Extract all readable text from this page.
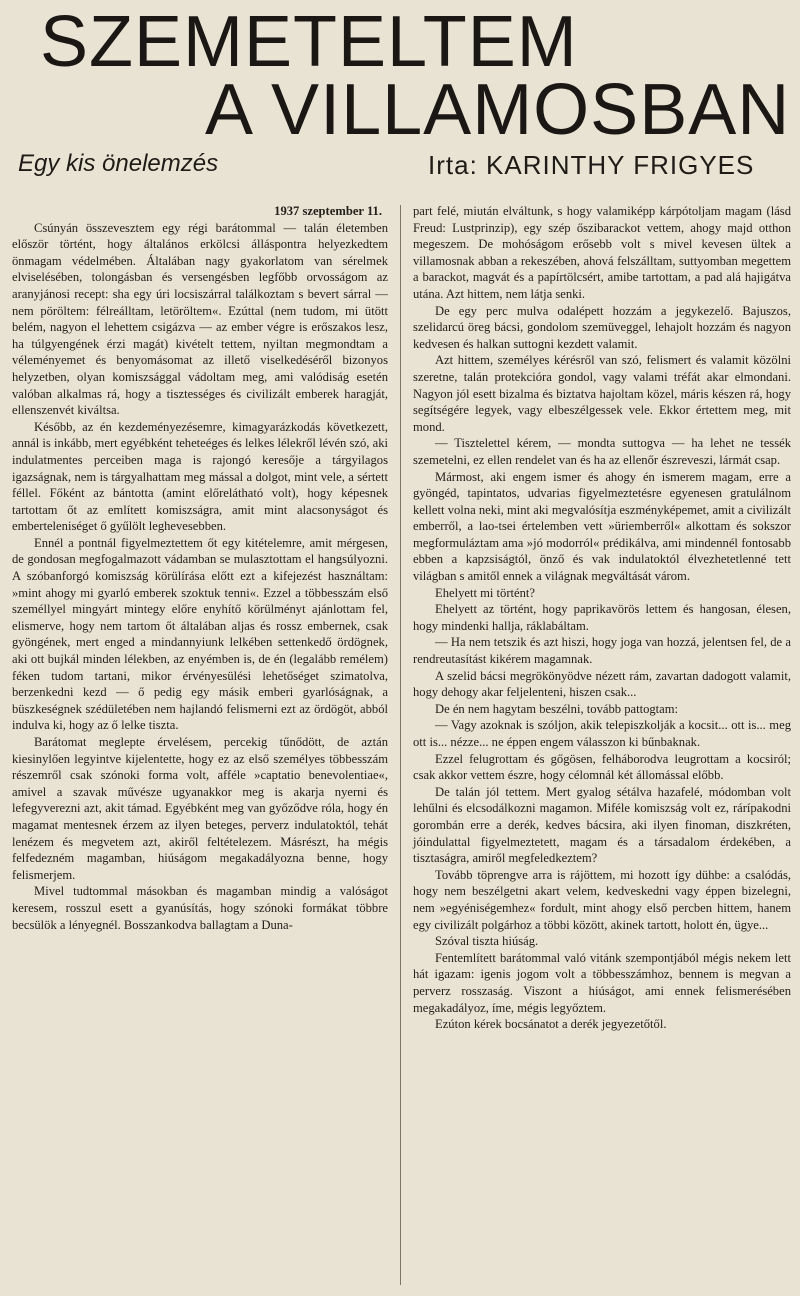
SZEMETELTEM
A VILLAMOSBAN
Egy kis önelemzés	Irta: KARINTHY FRIGYES

1937 szeptember 11.

Csúnyán összevesztem egy régi barátommal — talán életemben először történt, hogy általános erkölcsi álláspontra helyezkedtem önmagam védelmében. Általában nagy gyakorlatom van sérelmek elviselésében, tolongásban és versengésben legfőbb orvosságom az aranyjánosi recept: sha egy úri locsiszárral találkoztam s bevert sárral — nem pöröltem: félreálltam, letöröltem«. Ezúttal (nem tudom, mi ütött belém, nagyon el lehettem csigázva — az ember végre is erőszakos lesz, ha túlgyengének érzi magát) kivételt tettem, nyiltan megmondtam a véleményemet és benyomásomat az illető viselkedéséről bizonyos helyzetben, olyan komiszsággal vádoltam meg, ami valódiság esetén valóban alkalmas rá, hogy a tisztességes és civilizált emberek haragját, ellenszenvét kiváltsa.

Később, az én kezdeményezésemre, kimagyarázkodás következett, annál is inkább, mert egyébként teheteéges és lelkes lélekről lévén szó, aki indulatmentes perceiben maga is rajongó keresője a tárgyilagos igazságnak, nem is tárgyalhattam meg mással a dolgot, mint vele, a sértett féllel. Főként az bántotta (amint előrelátható volt), hogy képesnek tartottam őt az említett komiszságra, amit mint alacsonyságot és emberteleniséget ő gyűlölt leghevesebben.

Ennél a pontnál figyelmeztettem őt egy kitételemre, amit mérgesen, de gondosan megfogalmazott vádamban se mulasztottam el hangsúlyozni. A szóbanforgó komiszság körülírása előtt ezt a kifejezést használtam: »mint ahogy mi gyarló emberek szoktuk tenni«. Ezzel a többesszám első személlyel mingyárt mintegy előre enyhítő körülményt ajánlottam fel, elismerve, hogy nem tartom őt általában aljas és rossz embernek, csak gyöngének, mert enged a mindannyiunk lelkében settenkedő ördögnek, aki ott bujkál minden lélekben, az enyémben is, de én (legalább remélem) féken tudom tartani, mikor érvényesülési lehetőséget szimatolva, berzenkedni kezd — ő pedig egy másik emberi gyarlóságnak, a büszkeségnek szédületében nem hajlandó felismerni ezt az ördögöt, abból indulva ki, hogy az ő lelke tiszta.

Barátomat meglepte érvelésem, percekig tűnődött, de aztán kiesinylően legyintve kijelentette, hogy ez az első személyes többesszám részemről csak szónoki forma volt, afféle »captatio benevolentiae«, amivel a szavak művésze ugyanakkor meg is akarja nyerni és lefegyverezni azt, akit támad. Egyébként meg van győződve róla, hogy én magamat mentesnek érzem az ilyen beteges, perverz indulatoktól, tehát lenézem és megvetem azt, akiről feltételezem. Másrészt, ha mégis felfedezném magamban, hiúságom megakadályozna benne, hogy felismerjem.

Mivel tudtommal másokban és magamban mindig a valóságot keresem, rosszul esett a gyanúsítás, hogy szónoki formákat többre becsülök a lényegnél. Bosszankodva ballagtam a Duna-

part felé, miután elváltunk, s hogy valamiképp kárpótoljam magam (lásd Freud: Lustprinzip), egy szép őszibarackot vettem, ahogy majd otthon megeszem. De mohóságom erősebb volt s mivel kevesen ültek a villamosnak abban a rekeszében, ahová felszálltam, suttyomban megettem a barackot, magvát és a papírtölcsért, amibe tartottam, a pad alá hajigátva utána. Azt hittem, nem látja senki.

De egy perc mulva odalépett hozzám a jegykezelő. Bajuszos, szelidarcú öreg bácsi, gondolom szemüveggel, lehajolt hozzám és nagyon kedvesen és halkan suttogni kezdett valamit.

Azt hittem, személyes kérésről van szó, felismert és valamit közölni szeretne, talán protekcióra gondol, vagy valami tréfát akar elmondani. Nagyon jól esett bizalma és biztatva hajoltam közel, máris készen rá, hogy segítségére legyek, vagy elbeszélgessek vele. Ekkor értettem meg, mit mond.

— Tisztelettel kérem, — mondta suttogva — ha lehet ne tessék szemetelni, ez ellen rendelet van és ha az ellenőr észreveszi, lármát csap.

Mármost, aki engem ismer és ahogy én ismerem magam, erre a gyöngéd, tapintatos, udvarias figyelmeztetésre egyenesen gratulálnom kellett volna neki, mint aki megvalósítja eszményképemet, amit a civilizált emberről, a lao-tsei értelemben vett »üriemberről« alkottam és sokszor megformuláztam ama »jó modorról« prédikálva, ami mindennél fontosabb ebben a kapzsiságtól, önző és vak indulatoktól élvezhetetlenné tett világban s amitől ennek a világnak megváltását várom.

Ehelyett mi történt?

Ehelyett az történt, hogy paprikavörös lettem és hangosan, élesen, hogy mindenki hallja, ráklabáltam.

— Ha nem tetszik és azt hiszi, hogy joga van hozzá, jelentsen fel, de a rendreutasítást kikérem magamnak.

A szelid bácsi megrökönyödve nézett rám, zavartan dadogott valamit, hogy dehogy akar feljelenteni, hiszen csak...

De én nem hagytam beszélni, tovább pattogtam:

— Vagy azoknak is szóljon, akik telepiszkolják a kocsit... ott is... meg ott is... nézze... ne éppen engem válasszon ki bűnbaknak.

Ezzel felugrottam és gőgösen, felháborodva leugrottam a kocsiról; csak akkor vettem észre, hogy célomnál két állomással előbb.

De talán jól tettem. Mert gyalog sétálva hazafelé, módomban volt lehűlni és elcsodálkozni magamon. Miféle komiszság volt ez, rárípakodni gorombán erre a derék, kedves bácsira, aki ilyen finoman, diszkréten, jóindulattal figyelmeztetett, magam és a társadalom érdekében, a tisztaságra, amiről megfeledkeztem?

Tovább töprengve arra is rájöttem, mi hozott így dühbe: a csalódás, hogy nem beszélgetni akart velem, kedveskedni vagy éppen bizelegni, nem »egyéniségemhez« fordult, mint ahogy első percben hittem, hanem egy civilizált polgárhoz a többi között, akinek tartott, holott én, ügye...

Szóval tiszta hiúság.

Fentemlített barátommal való vitánk szempontjából mégis nekem lett hát igazam: igenis jogom volt a többesszámhoz, bennem is megvan a perverz rosszaság. Viszont a hiúságot, ami ennek felismerésében megakadályoz, íme, mégis legyőztem.

Ezúton kérek bocsánatot a derék jegyezetőtől.
